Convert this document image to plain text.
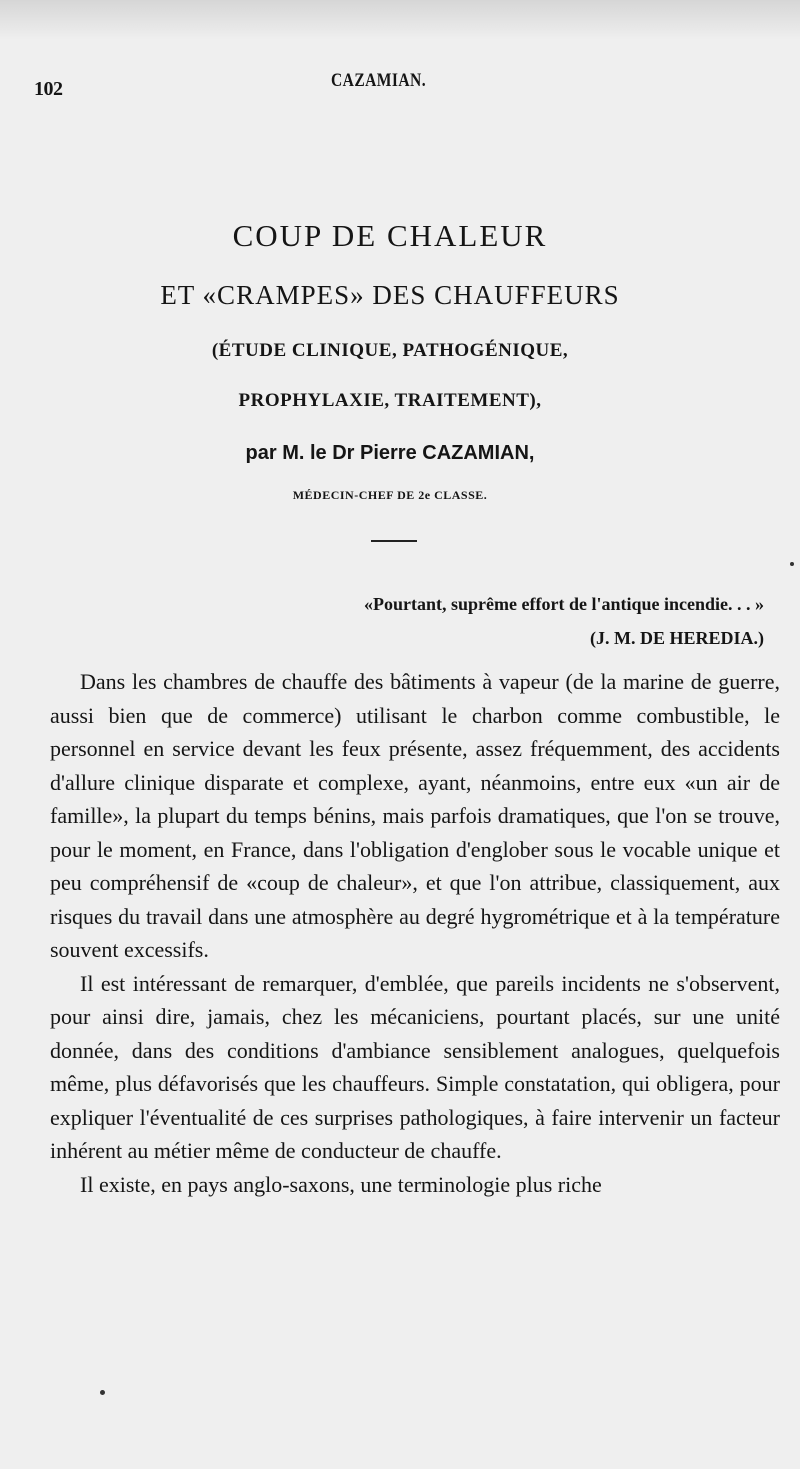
102	CAZAMIAN.
COUP DE CHALEUR
ET «CRAMPES» DES CHAUFFEURS
(ÉTUDE CLINIQUE, PATHOGÉNIQUE,
PROPHYLAXIE, TRAITEMENT),
par M. le Dr Pierre CAZAMIAN,
MÉDECIN-CHEF DE 2e CLASSE.
«Pourtant, suprême effort de l'antique incendie. . . »
(J. M. DE HEREDIA.)

Dans les chambres de chauffe des bâtiments à vapeur (de la marine de guerre, aussi bien que de commerce) utilisant le charbon comme combustible, le personnel en service devant les feux présente, assez fréquemment, des accidents d'allure clinique disparate et complexe, ayant, néanmoins, entre eux «un air de famille», la plupart du temps bénins, mais parfois dramatiques, que l'on se trouve, pour le moment, en France, dans l'obligation d'englober sous le vocable unique et peu compréhensif de «coup de chaleur», et que l'on attribue, classiquement, aux risques du travail dans une atmosphère au degré hygrométrique et à la température souvent excessifs.

Il est intéressant de remarquer, d'emblée, que pareils incidents ne s'observent, pour ainsi dire, jamais, chez les mécaniciens, pourtant placés, sur une unité donnée, dans des conditions d'ambiance sensiblement analogues, quelquefois même, plus défavorisés que les chauffeurs. Simple constatation, qui obligera, pour expliquer l'éventualité de ces surprises pathologiques, à faire intervenir un facteur inhérent au métier même de conducteur de chauffe.

Il existe, en pays anglo-saxons, une terminologie plus riche
